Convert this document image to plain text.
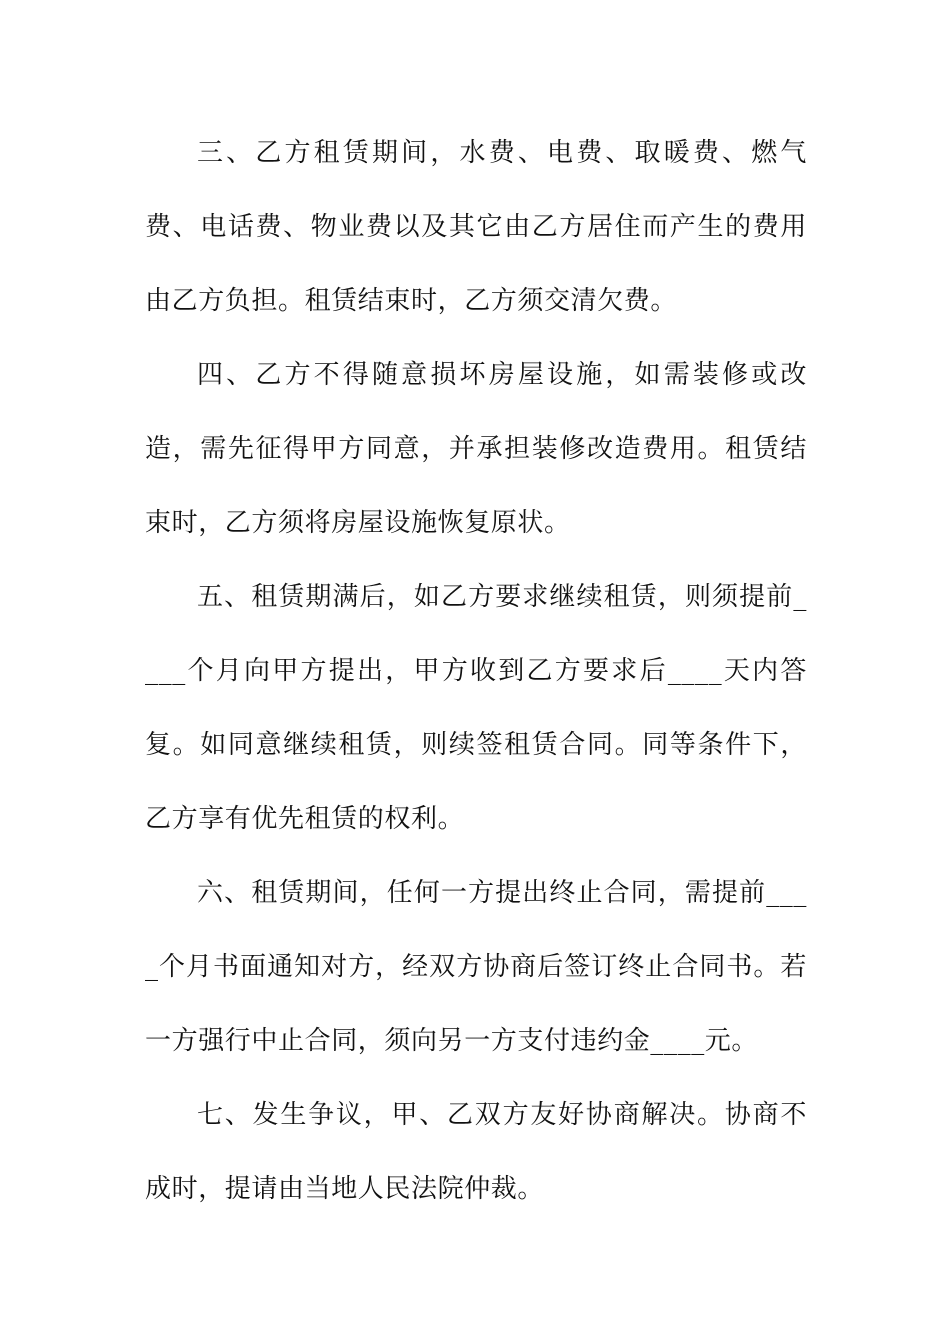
三、乙方租赁期间，水费、电费、取暖费、燃气费、电话费、物业费以及其它由乙方居住而产生的费用由乙方负担。租赁结束时，乙方须交清欠费。

四、乙方不得随意损坏房屋设施，如需装修或改造，需先征得甲方同意，并承担装修改造费用。租赁结束时，乙方须将房屋设施恢复原状。

五、租赁期满后，如乙方要求继续租赁，则须提前____个月向甲方提出，甲方收到乙方要求后____天内答复。如同意继续租赁，则续签租赁合同。同等条件下，乙方享有优先租赁的权利。

六、租赁期间，任何一方提出终止合同，需提前____个月书面通知对方，经双方协商后签订终止合同书。若一方强行中止合同，须向另一方支付违约金____元。

七、发生争议，甲、乙双方友好协商解决。协商不成时，提请由当地人民法院仲裁。
